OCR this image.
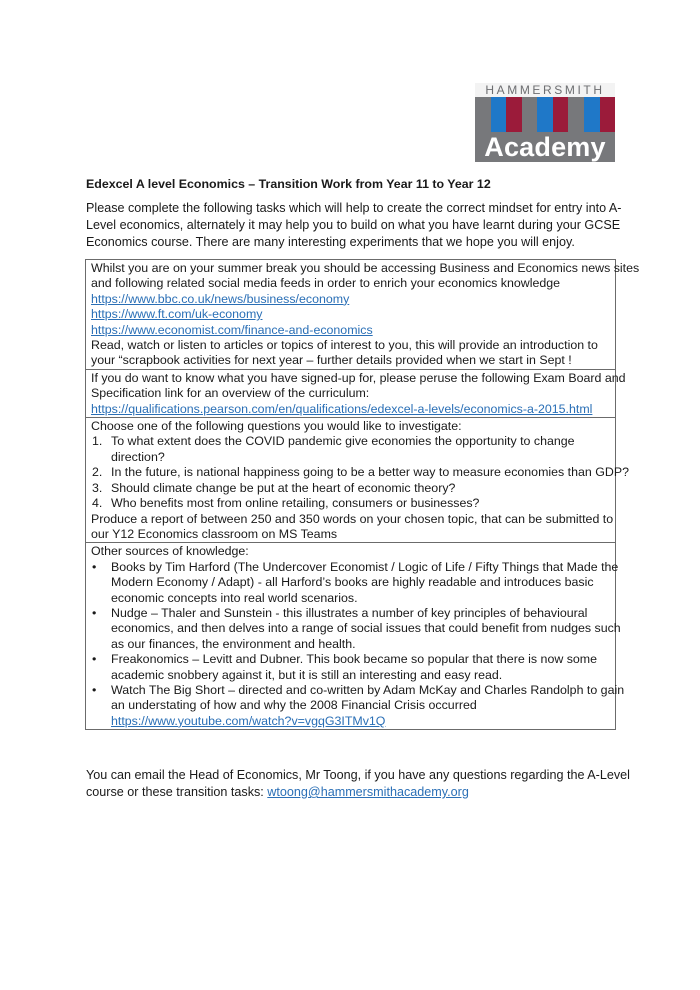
HAMMERSMITH
Academy
Edexcel A level Economics – Transition Work from Year 11 to Year 12
Please complete the following tasks which will help to create the correct mindset for entry into A-
Level economics, alternately it may help you to build on what you have learnt during your GCSE
Economics course. There are many interesting experiments that we hope you will enjoy.
Whilst you are on your summer break you should be accessing Business and Economics news sites
and following related social media feeds in order to enrich your economics knowledge
https://www.bbc.co.uk/news/business/economy
https://www.ft.com/uk-economy
https://www.economist.com/finance-and-economics
Read, watch or listen to articles or topics of interest to you, this will provide an introduction to
your “scrapbook activities for next year – further details provided when we start in Sept !
If you do want to know what you have signed-up for, please peruse the following Exam Board and
Specification link for an overview of the curriculum:
https://qualifications.pearson.com/en/qualifications/edexcel-a-levels/economics-a-2015.html
Choose one of the following questions you would like to investigate:
1. To what extent does the COVID pandemic give economies the opportunity to change
direction?
2. In the future, is national happiness going to be a better way to measure economies than GDP?
3. Should climate change be put at the heart of economic theory?
4. Who benefits most from online retailing, consumers or businesses?
Produce a report of between 250 and 350 words on your chosen topic, that can be submitted to
our Y12 Economics classroom on MS Teams
Other sources of knowledge:
• Books by Tim Harford (The Undercover Economist / Logic of Life / Fifty Things that Made the
Modern Economy / Adapt) - all Harford’s books are highly readable and introduces basic
economic concepts into real world scenarios.
• Nudge – Thaler and Sunstein - this illustrates a number of key principles of behavioural
economics, and then delves into a range of social issues that could benefit from nudges such
as our finances, the environment and health.
• Freakonomics – Levitt and Dubner. This book became so popular that there is now some
academic snobbery against it, but it is still an interesting and easy read.
• Watch The Big Short – directed and co-written by Adam McKay and Charles Randolph to gain
an understating of how and why the 2008 Financial Crisis occurred
https://www.youtube.com/watch?v=vgqG3ITMv1Q
You can email the Head of Economics, Mr Toong, if you have any questions regarding the A-Level
course or these transition tasks: wtoong@hammersmithacademy.org
